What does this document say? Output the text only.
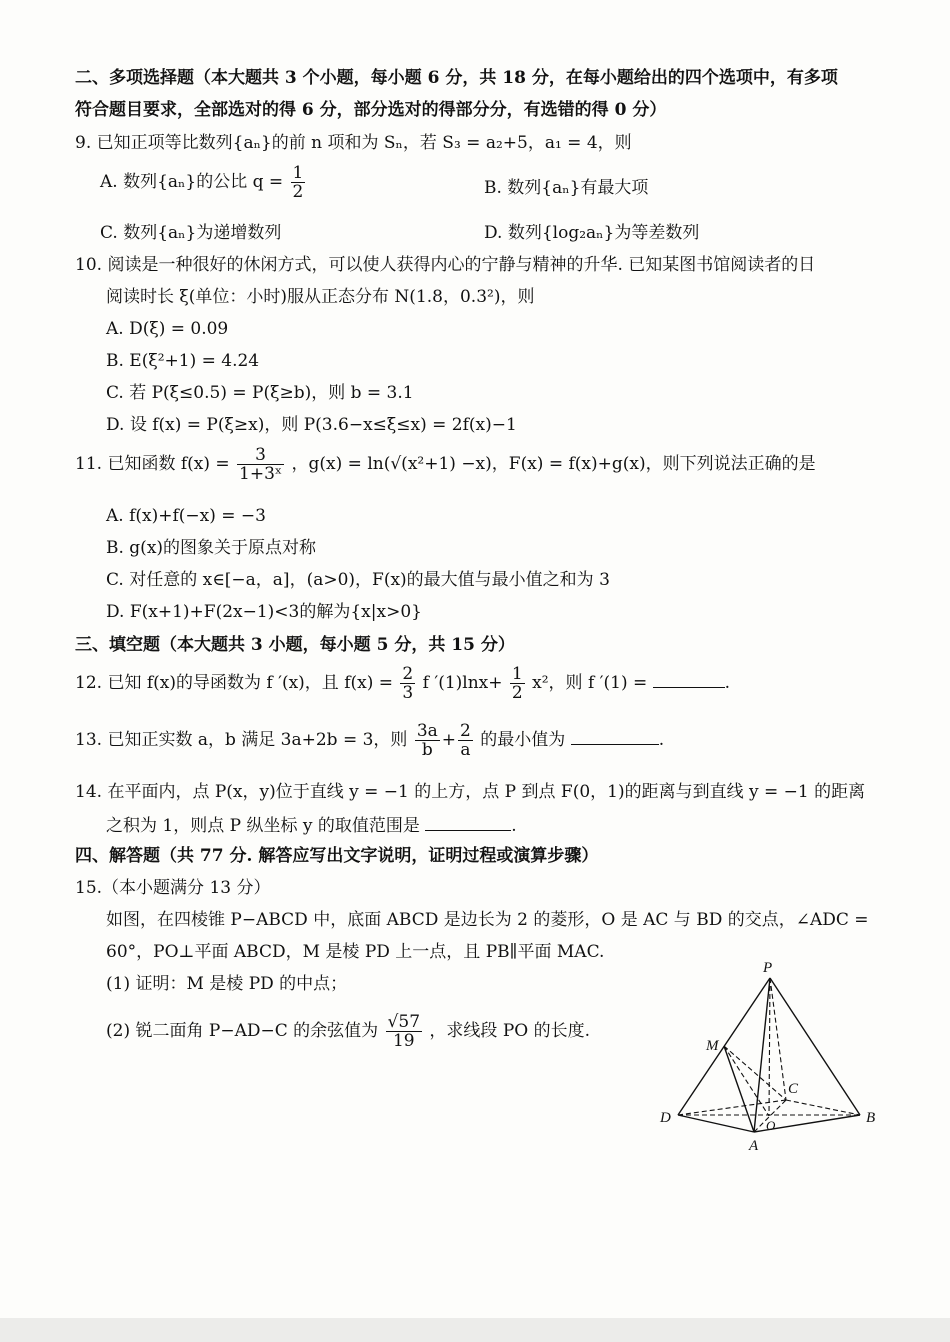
二、多项选择题（本大题共 3 个小题，每小题 6 分，共 18 分，在每小题给出的四个选项中，有多项
符合题目要求，全部选对的得 6 分，部分选对的得部分分，有选错的得 0 分）
9. 已知正项等比数列{aₙ}的前 n 项和为 Sₙ，若 S₃ = a₂+5，a₁ = 4，则
A. 数列{aₙ}的公比 $q = \frac{1}{2}$	B. 数列{aₙ}有最大项
C. 数列{aₙ}为递增数列	D. 数列{log₂aₙ}为等差数列
10. 阅读是一种很好的休闲方式，可以使人获得内心的宁静与精神的升华. 已知某图书馆阅读者的日
阅读时长 ξ(单位：小时)服从正态分布 N(1.8，0.3²)，则
A. D(ξ) = 0.09
B. E(ξ²+1) = 4.24
C. 若 P(ξ≤0.5) = P(ξ≥b)，则 b = 3.1
D. 设 f(x) = P(ξ≥x)，则 P(3.6−x≤ξ≤x) = 2f(x)−1
11. 已知函数 $f(x) = \frac{3}{\text{1+3ˣ}}$ ，g(x) = ln(√(x²+1) −x)，F(x) = f(x)+g(x)，则下列说法正确的是
A. f(x)+f(−x) = −3
B. g(x)的图象关于原点对称
C. 对任意的 x∈[−a，a]，(a>0)，F(x)的最大值与最小值之和为 3
D. F(x+1)+F(2x−1)<3的解为{x|x>0}
三、填空题（本大题共 3 小题，每小题 5 分，共 15 分）
12. 已知 f(x)的导函数为 f ′(x)，且 $f(x) = \frac{2}{3}$ f $'(1)\ln x+ \frac{1}{2} x^2$，则 f ′(1) =	.
13. 已知正实数 a，b 满足 3a+2b = 3，则 $\frac{3a}{b} + \frac{2}{a}$ 的最小值为	.
14. 在平面内，点 P(x，y)位于直线 y = −1 的上方，点 P 到点 F(0，1)的距离与到直线 y = −1 的距离
之积为 1，则点 P 纵坐标 y 的取值范围是	.
四、解答题（共 77 分. 解答应写出文字说明，证明过程或演算步骤）
15.（本小题满分 13 分）
如图，在四棱锥 P−ABCD 中，底面 ABCD 是边长为 2 的菱形，O 是 AC 与 BD 的交点，∠ADC =
60°，PO⊥平面 ABCD，M 是棱 PD 上一点，且 PB∥平面 MAC.
(1) 证明：M 是棱 PD 的中点；
(2) 锐二面角 P−AD−C 的余弦值为 $\frac{√57}{19}$ ，求线段 PO 的长度.
P
M
C
O
D	B
A
